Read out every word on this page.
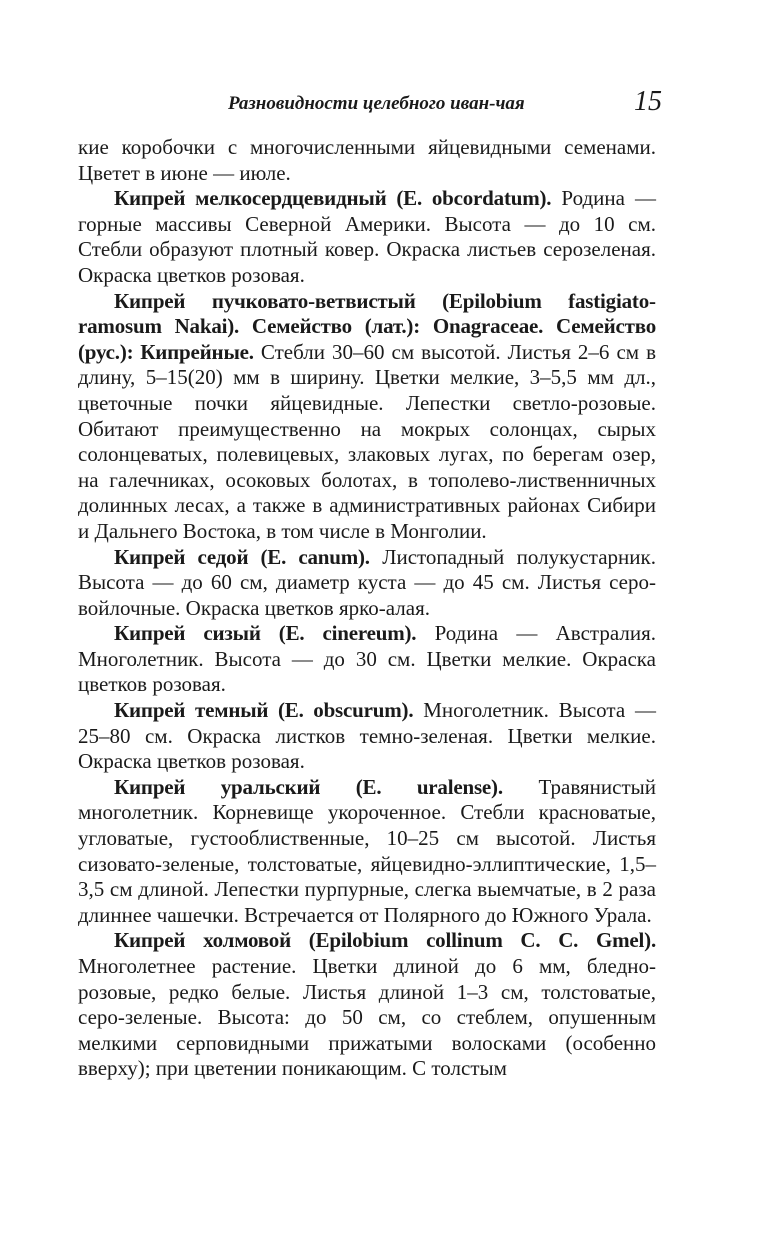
Разновидности целебного иван-чая	15

кие коробочки с многочисленными яйцевидными семенами. Цветет в июне — июле.

Кипрей мелкосердцевидный (E. obcordatum). Родина — горные массивы Северной Америки. Высота — до 10 см. Стебли образуют плотный ковер. Окраска листьев серозеленая. Окраска цветков розовая.

Кипрей пучковато-ветвистый (Epilobium fastigiatoramosum Nakai). Семейство (лат.): Onagraceae. Семейство (рус.): Кипрейные. Стебли 30–60 см высотой. Листья 2–6 см в длину, 5–15(20) мм в ширину. Цветки мелкие, 3–5,5 мм дл., цветочные почки яйцевидные. Лепестки светло-розовые. Обитают преимущественно на мокрых солонцах, сырых солонцеватых, полевицевых, злаковых лугах, по берегам озер, на галечниках, осоковых болотах, в тополево-лиственничных долинных лесах, а также в административных районах Сибири и Дальнего Востока, в том числе в Монголии.

Кипрей седой (E. canum). Листопадный полукустарник. Высота — до 60 см, диаметр куста — до 45 см. Листья серо-войлочные. Окраска цветков ярко-алая.

Кипрей сизый (E. cinereum). Родина — Австралия. Многолетник. Высота — до 30 см. Цветки мелкие. Окраска цветков розовая.

Кипрей темный (E. obscurum). Многолетник. Высота — 25–80 см. Окраска листков темно-зеленая. Цветки мелкие. Окраска цветков розовая.

Кипрей уральский (E. uralense). Травянистый многолетник. Корневище укороченное. Стебли красноватые, угловатые, густооблиственные, 10–25 см высотой. Листья сизовато-зеленые, толстоватые, яйцевидно-эллиптические, 1,5–3,5 см длиной. Лепестки пурпурные, слегка выемчатые, в 2 раза длиннее чашечки. Встречается от Полярного до Южного Урала.

Кипрей холмовой (Epilobium collinum C. C. Gmel). Многолетнее растение. Цветки длиной до 6 мм, бледно-розовые, редко белые. Листья длиной 1–3 см, толстоватые, серо-зеленые. Высота: до 50 см, со стеблем, опушенным мелкими серповидными прижатыми волосками (особенно вверху); при цветении поникающим. С толстым
